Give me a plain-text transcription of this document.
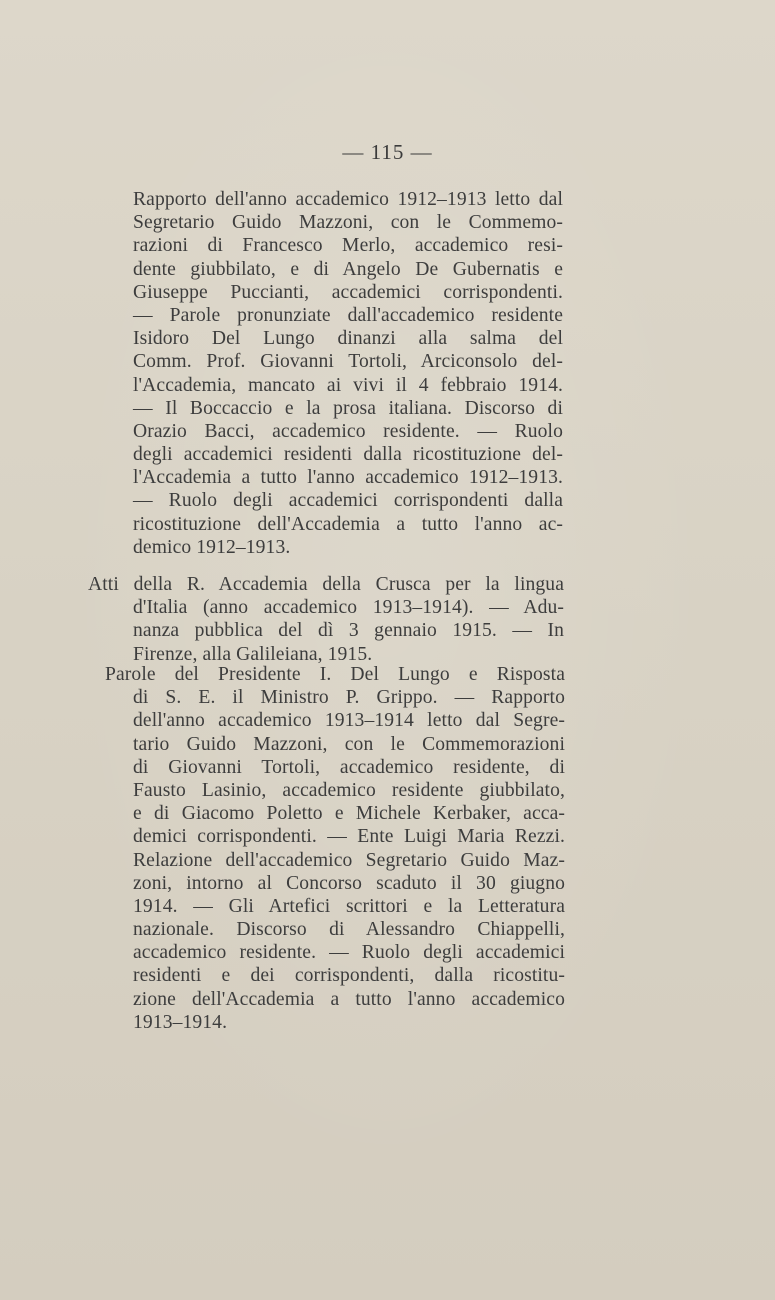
— 115 —
Rapporto dell'anno accademico 1912–1913 letto dal
Segretario Guido Mazzoni, con le Commemo-
razioni di Francesco Merlo, accademico resi-
dente giubbilato, e di Angelo De Gubernatis e
Giuseppe Puccianti, accademici corrispondenti.
— Parole pronunziate dall'accademico residente
Isidoro Del Lungo dinanzi alla salma del
Comm. Prof. Giovanni Tortoli, Arciconsolo del-
l'Accademia, mancato ai vivi il 4 febbraio 1914.
— Il Boccaccio e la prosa italiana. Discorso di
Orazio Bacci, accademico residente. — Ruolo
degli accademici residenti dalla ricostituzione del-
l'Accademia a tutto l'anno accademico 1912–1913.
— Ruolo degli accademici corrispondenti dalla
ricostituzione dell'Accademia a tutto l'anno ac-
demico 1912–1913.
Atti della R. Accademia della Crusca per la lingua
d'Italia (anno accademico 1913–1914). — Adu-
nanza pubblica del dì 3 gennaio 1915. — In
Firenze, alla Galileiana, 1915.
Parole del Presidente I. Del Lungo e Risposta
di S. E. il Ministro P. Grippo. — Rapporto
dell'anno accademico 1913–1914 letto dal Segre-
tario Guido Mazzoni, con le Commemorazioni
di Giovanni Tortoli, accademico residente, di
Fausto Lasinio, accademico residente giubbilato,
e di Giacomo Poletto e Michele Kerbaker, acca-
demici corrispondenti. — Ente Luigi Maria Rezzi.
Relazione dell'accademico Segretario Guido Maz-
zoni, intorno al Concorso scaduto il 30 giugno
1914. — Gli Artefici scrittori e la Letteratura
nazionale. Discorso di Alessandro Chiappelli,
accademico residente. — Ruolo degli accademici
residenti e dei corrispondenti, dalla ricostitu-
zione dell'Accademia a tutto l'anno accademico
1913–1914.
